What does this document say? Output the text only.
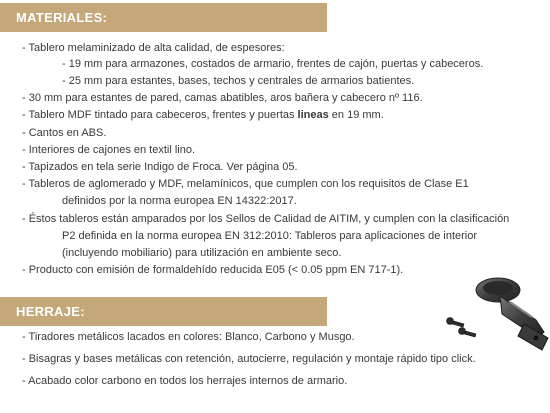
MATERIALES:
- Tablero melaminizado de alta calidad, de espesores:
- 19 mm para armazones, costados de armario, frentes de cajón, puertas y cabeceros.
- 25 mm para estantes, bases, techos y centrales de armarios batientes.
- 30 mm para estantes de pared, camas abatibles, aros bañera y cabecero nº 116.
- Tablero MDF tintado para cabeceros, frentes y puertas lineas en 19 mm.
- Cantos en ABS.
- Interiores de cajones en textil lino.
- Tapizados en tela serie Indigo de Froca. Ver página 05.
- Tableros de aglomerado y MDF, melamínicos, que cumplen con los requisitos de Clase E1
definidos por la norma europea EN 14322:2017.
- Éstos tableros están amparados por los Sellos de Calidad de AITIM, y cumplen con la clasificación
P2 definida en la norma europea EN 312:2010: Tableros para aplicaciones de interior
(incluyendo mobiliario) para utilización en ambiente seco.
- Producto con emisión de formaldehído reducida E05 (< 0.05 ppm EN 717-1).
HERRAJE:
- Tiradores metálicos lacados en colores: Blanco, Carbono y Musgo.
- Bisagras y bases metálicas con retención, autocierre, regulación y montaje rápido tipo click.
- Acabado color carbono en todos los herrajes internos de armario.
